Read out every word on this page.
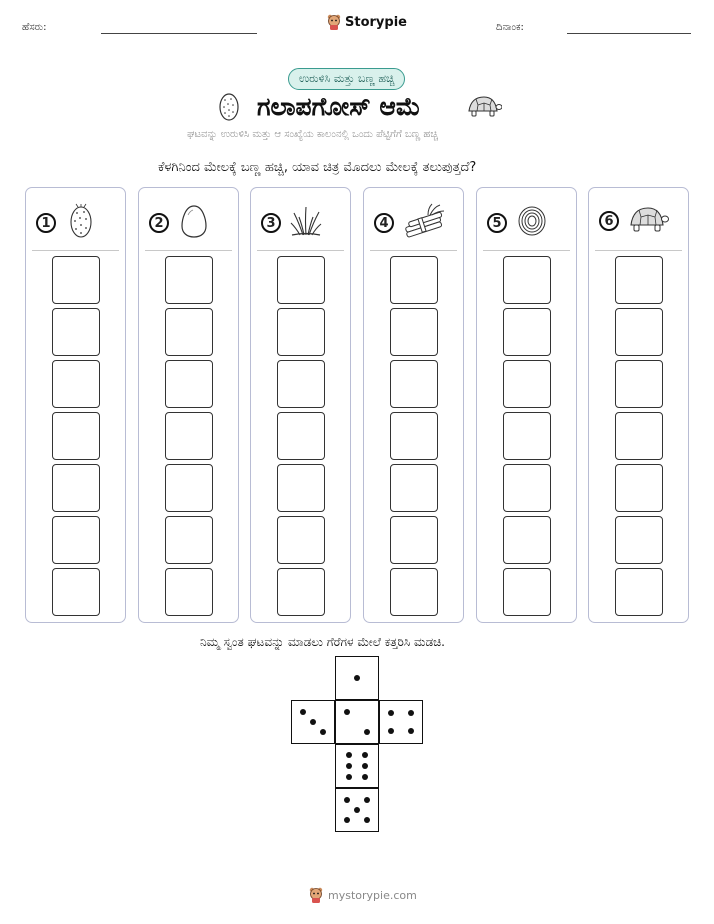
ಹೆಸರು:	Storypie	ದಿನಾಂಕ:
ಉರುಳಿಸಿ ಮತ್ತು ಬಣ್ಣ ಹಚ್ಚಿ
ಗಲಾಪಗೋಸ್ ಆಮೆ
ಘಟವನ್ನು ಉರುಳಿಸಿ ಮತ್ತು ಆ ಸಂಖ್ಯೆಯ ಕಾಲಂನಲ್ಲಿ ಒಂದು ಪೆಟ್ಟಿಗೆಗೆ ಬಣ್ಣ ಹಚ್ಚಿ
ಕೆಳಗಿನಿಂದ ಮೇಲಕ್ಕೆ ಬಣ್ಣ ಹಚ್ಚಿ, ಯಾವ ಚಿತ್ರ ಮೊದಲು ಮೇಲಕ್ಕೆ ತಲುಪುತ್ತದೆ?
1	2	3	4	5	6
ನಿಮ್ಮ ಸ್ವಂತ ಘಟವನ್ನು ಮಾಡಲು ಗೆರೆಗಳ ಮೇಲೆ ಕತ್ತರಿಸಿ ಮಡಚಿ.
mystorypie.com
